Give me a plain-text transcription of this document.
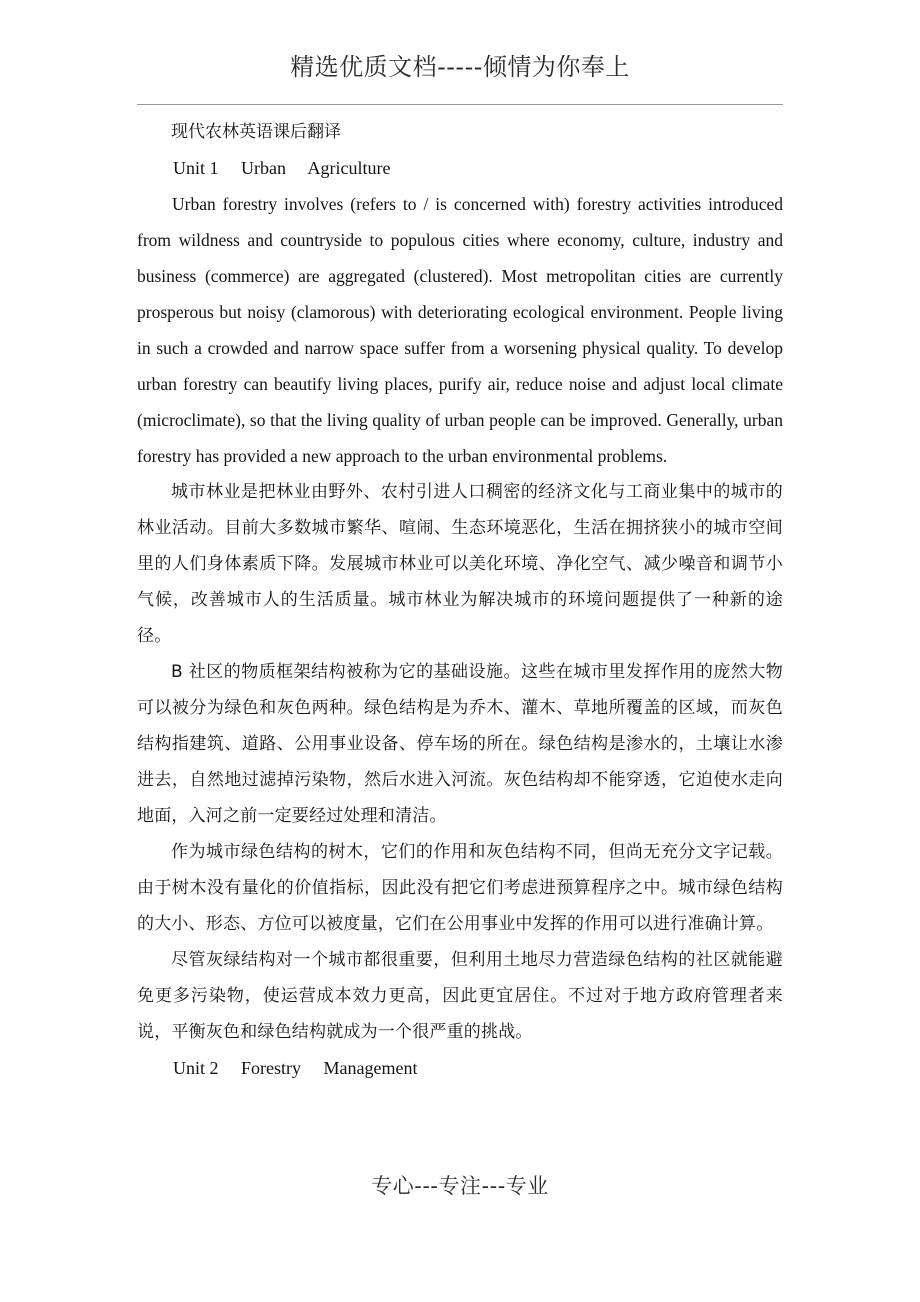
精选优质文档-----倾情为你奉上

现代农林英语课后翻译

Unit 1     Urban     Agriculture

Urban forestry involves (refers to / is concerned with) forestry activities introduced from wildness and countryside to populous cities where economy, culture, industry and business (commerce) are aggregated (clustered). Most metropolitan cities are currently prosperous but noisy (clamorous) with deteriorating ecological environment. People living in such a crowded and narrow space suffer from a worsening physical quality. To develop urban forestry can beautify living places, purify air, reduce noise and adjust local climate (microclimate), so that the living quality of urban people can be improved. Generally, urban forestry has provided a new approach to the urban environmental problems.

城市林业是把林业由野外、农村引进人口稠密的经济文化与工商业集中的城市的林业活动。目前大多数城市繁华、喧闹、生态环境恶化，生活在拥挤狭小的城市空间里的人们身体素质下降。发展城市林业可以美化环境、净化空气、减少噪音和调节小气候，改善城市人的生活质量。城市林业为解决城市的环境问题提供了一种新的途径。

B 社区的物质框架结构被称为它的基础设施。这些在城市里发挥作用的庞然大物可以被分为绿色和灰色两种。绿色结构是为乔木、灌木、草地所覆盖的区域，而灰色结构指建筑、道路、公用事业设备、停车场的所在。绿色结构是渗水的，土壤让水渗进去，自然地过滤掉污染物，然后水进入河流。灰色结构却不能穿透，它迫使水走向地面，入河之前一定要经过处理和清洁。

作为城市绿色结构的树木，它们的作用和灰色结构不同，但尚无充分文字记载。由于树木没有量化的价值指标，因此没有把它们考虑进预算程序之中。城市绿色结构的大小、形态、方位可以被度量，它们在公用事业中发挥的作用可以进行准确计算。

尽管灰绿结构对一个城市都很重要，但利用土地尽力营造绿色结构的社区就能避免更多污染物，使运营成本效力更高，因此更宜居住。不过对于地方政府管理者来说，平衡灰色和绿色结构就成为一个很严重的挑战。

Unit 2     Forestry     Management

专心---专注---专业
